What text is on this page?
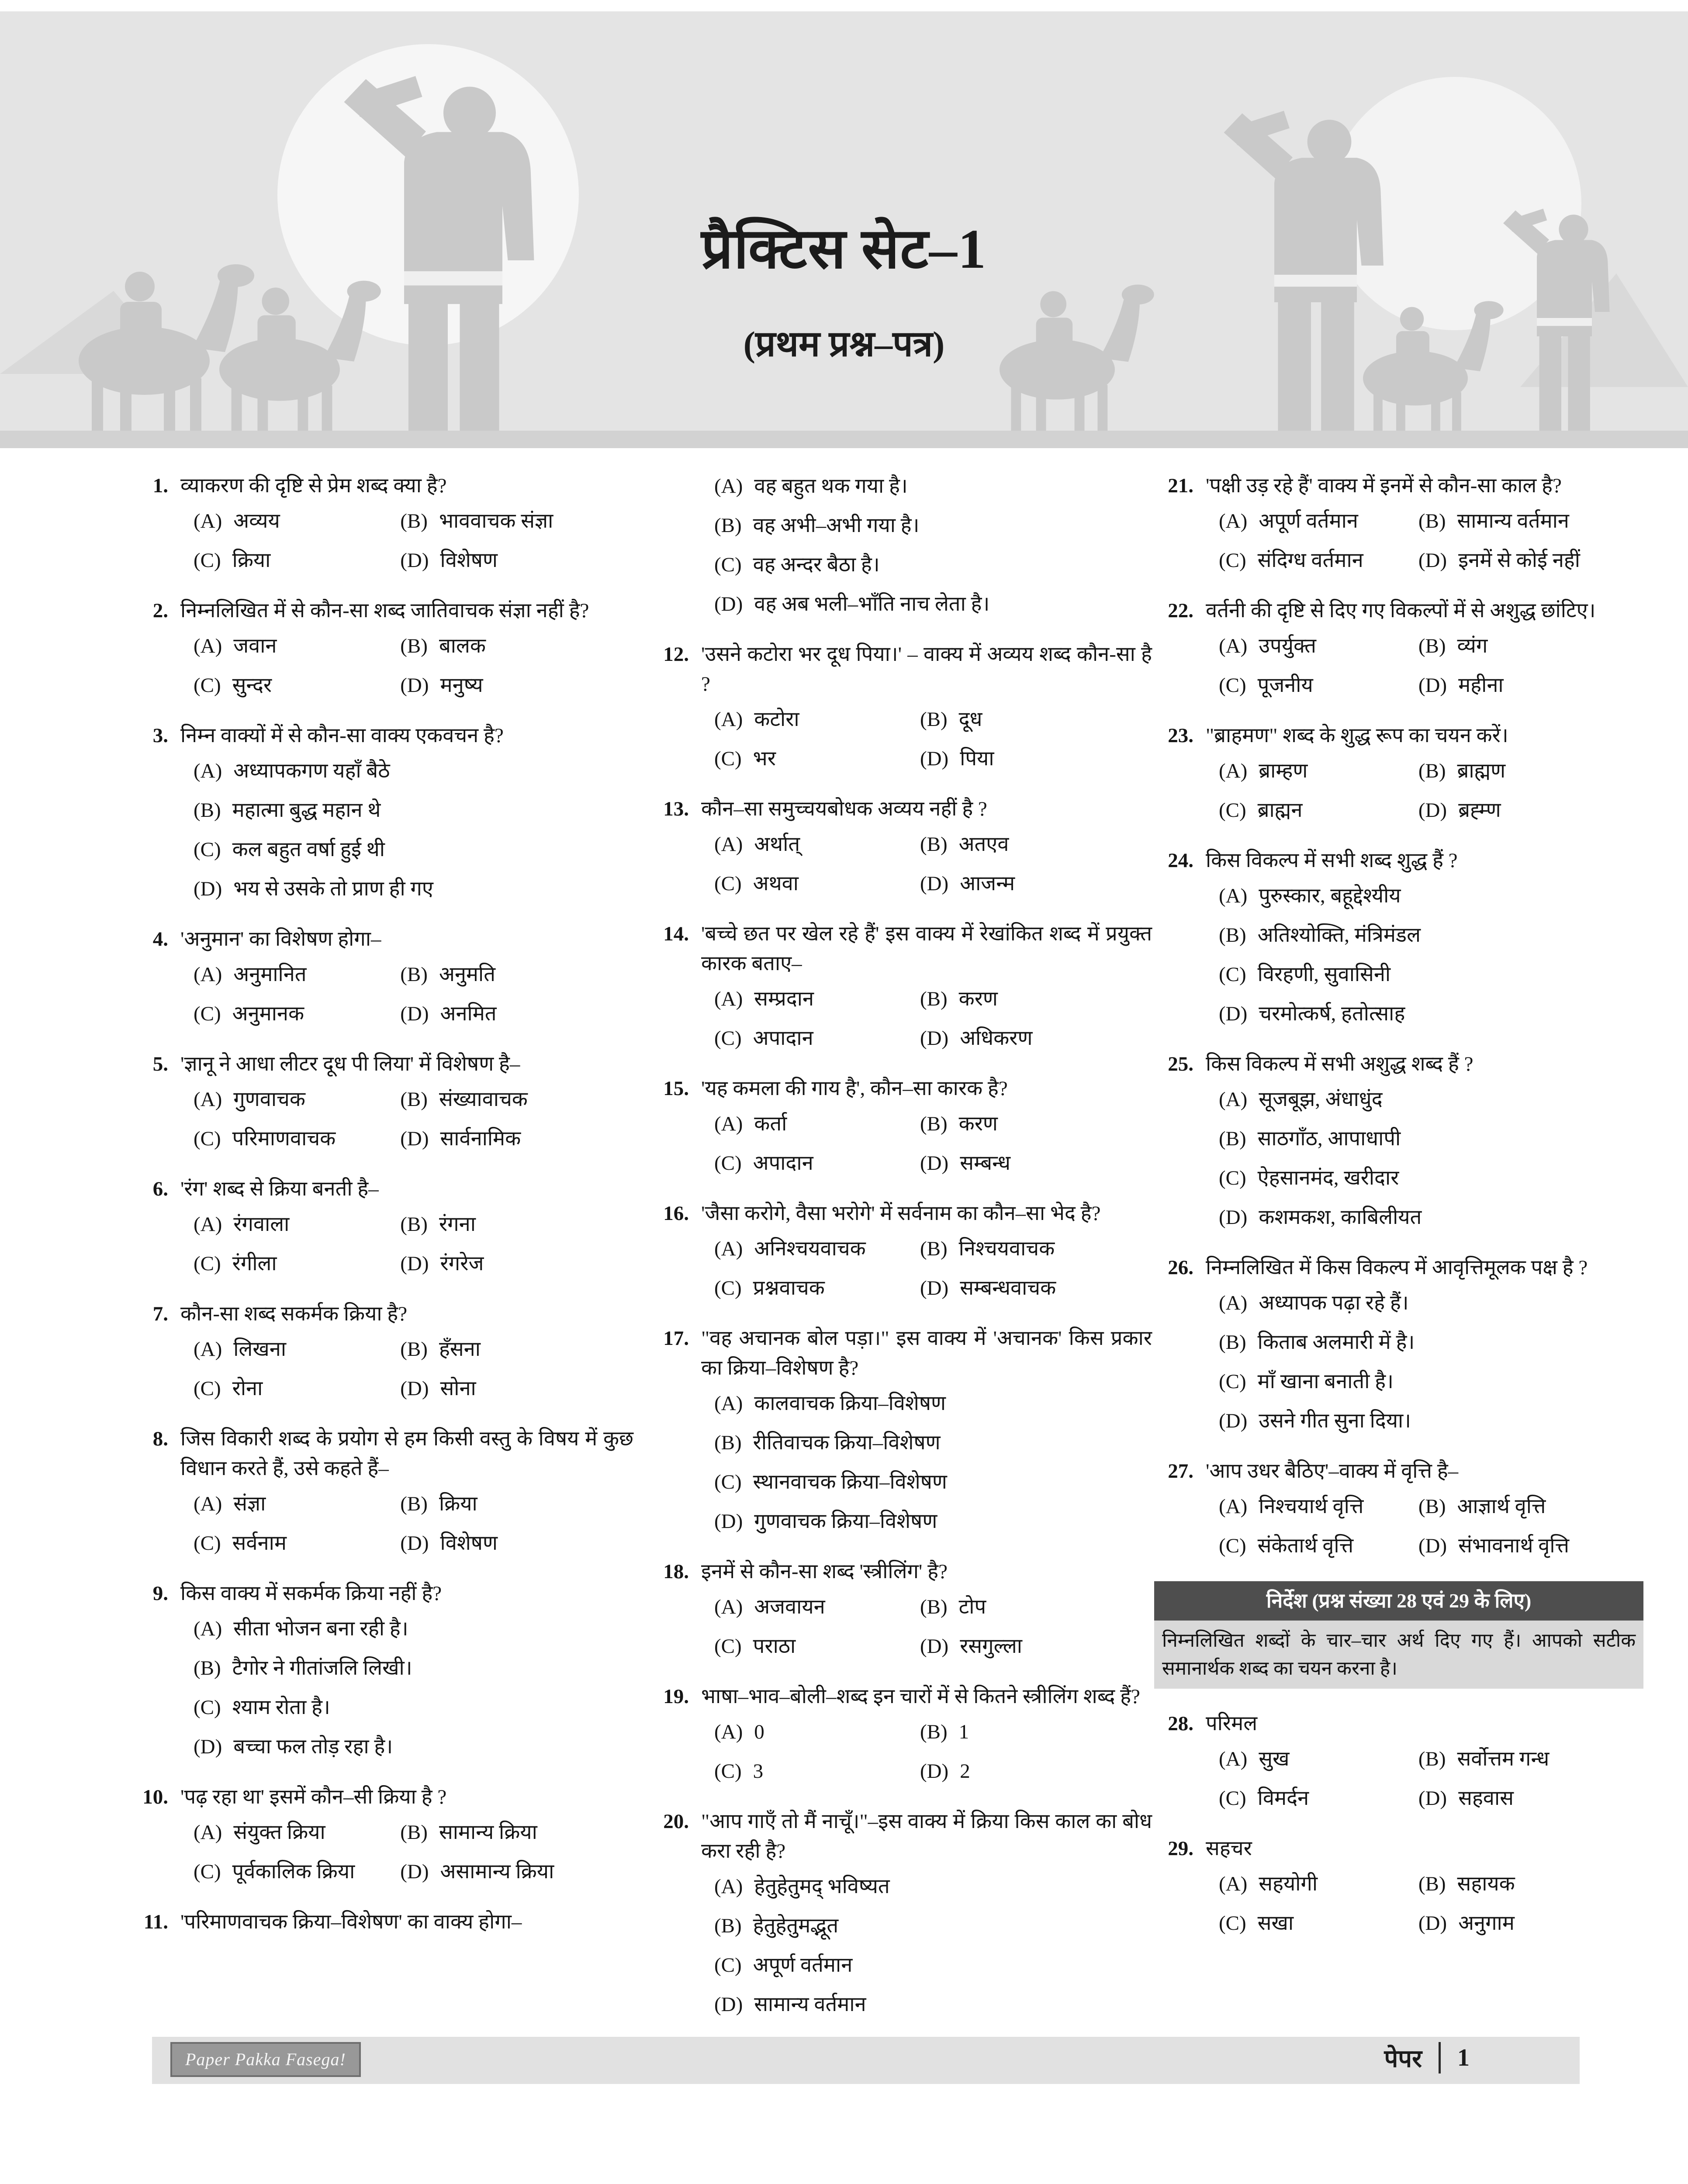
प्रैक्टिस सेट–1
(प्रथम प्रश्न–पत्र)
1. व्याकरण की दृष्टि से प्रेम शब्द क्या है?
(A) अव्यय	(B) भाववाचक संज्ञा
(C) क्रिया	(D) विशेषण
2. निम्नलिखित में से कौन-सा शब्द जातिवाचक संज्ञा नहीं है?
(A) जवान	(B) बालक
(C) सुन्दर	(D) मनुष्य
3. निम्न वाक्यों में से कौन-सा वाक्य एकवचन है?
(A) अध्यापकगण यहाँ बैठे
(B) महात्मा बुद्ध महान थे
(C) कल बहुत वर्षा हुई थी
(D) भय से उसके तो प्राण ही गए
4. 'अनुमान' का विशेषण होगा–
(A) अनुमानित	(B) अनुमति
(C) अनुमानक	(D) अनमित
5. 'ज्ञानू ने आधा लीटर दूध पी लिया' में विशेषण है–
(A) गुणवाचक	(B) संख्यावाचक
(C) परिमाणवाचक	(D) सार्वनामिक
6. 'रंग' शब्द से क्रिया बनती है–
(A) रंगवाला	(B) रंगना
(C) रंगीला	(D) रंगरेज
7. कौन-सा शब्द सकर्मक क्रिया है?
(A) लिखना	(B) हँसना
(C) रोना	(D) सोना
8. जिस विकारी शब्द के प्रयोग से हम किसी वस्तु के विषय में कुछ विधान करते हैं, उसे कहते हैं–
(A) संज्ञा	(B) क्रिया
(C) सर्वनाम	(D) विशेषण
9. किस वाक्य में सकर्मक क्रिया नहीं है?
(A) सीता भोजन बना रही है।
(B) टैगोर ने गीतांजलि लिखी।
(C) श्याम रोता है।
(D) बच्चा फल तोड़ रहा है।
10. 'पढ़ रहा था' इसमें कौन–सी क्रिया है ?
(A) संयुक्त क्रिया	(B) सामान्य क्रिया
(C) पूर्वकालिक क्रिया	(D) असामान्य क्रिया
11. 'परिमाणवाचक क्रिया–विशेषण' का वाक्य होगा–
(A) वह बहुत थक गया है।
(B) वह अभी–अभी गया है।
(C) वह अन्दर बैठा है।
(D) वह अब भली–भाँति नाच लेता है।
12. 'उसने कटोरा भर दूध पिया।' – वाक्य में अव्यय शब्द कौन-सा है ?
(A) कटोरा	(B) दूध
(C) भर	(D) पिया
13. कौन–सा समुच्चयबोधक अव्यय नहीं है ?
(A) अर्थात्	(B) अतएव
(C) अथवा	(D) आजन्म
14. 'बच्चे छत पर खेल रहे हैं' इस वाक्य में रेखांकित शब्द में प्रयुक्त कारक बताए–
(A) सम्प्रदान	(B) करण
(C) अपादान	(D) अधिकरण
15. 'यह कमला की गाय है', कौन–सा कारक है?
(A) कर्ता	(B) करण
(C) अपादान	(D) सम्बन्ध
16. 'जैसा करोगे, वैसा भरोगे' में सर्वनाम का कौन–सा भेद है?
(A) अनिश्चयवाचक	(B) निश्चयवाचक
(C) प्रश्नवाचक	(D) सम्बन्धवाचक
17. "वह अचानक बोल पड़ा।" इस वाक्य में 'अचानक' किस प्रकार का क्रिया–विशेषण है?
(A) कालवाचक क्रिया–विशेषण
(B) रीतिवाचक क्रिया–विशेषण
(C) स्थानवाचक क्रिया–विशेषण
(D) गुणवाचक क्रिया–विशेषण
18. इनमें से कौन-सा शब्द 'स्त्रीलिंग' है?
(A) अजवायन	(B) टोप
(C) पराठा	(D) रसगुल्ला
19. भाषा–भाव–बोली–शब्द इन चारों में से कितने स्त्रीलिंग शब्द हैं?
(A) 0	(B) 1
(C) 3	(D) 2
20. "आप गाएँ तो मैं नाचूँ।"–इस वाक्य में क्रिया किस काल का बोध करा रही है?
(A) हेतुहेतुमद् भविष्यत
(B) हेतुहेतुमद्भूत
(C) अपूर्ण वर्तमान
(D) सामान्य वर्तमान
21. 'पक्षी उड़ रहे हैं' वाक्य में इनमें से कौन-सा काल है?
(A) अपूर्ण वर्तमान	(B) सामान्य वर्तमान
(C) संदिग्ध वर्तमान	(D) इनमें से कोई नहीं
22. वर्तनी की दृष्टि से दिए गए विकल्पों में से अशुद्ध छांटिए।
(A) उपर्युक्त	(B) व्यंग
(C) पूजनीय	(D) महीना
23. "ब्राहमण" शब्द के शुद्ध रूप का चयन करें।
(A) ब्राम्हण	(B) ब्राह्मण
(C) ब्राह्मन	(D) ब्रह्म्ण
24. किस विकल्प में सभी शब्द शुद्ध हैं ?
(A) पुरुस्कार, बहूद्देश्यीय
(B) अतिश्योक्ति, मंत्रिमंडल
(C) विरहणी, सुवासिनी
(D) चरमोत्कर्ष, हतोत्साह
25. किस विकल्प में सभी अशुद्ध शब्द हैं ?
(A) सूजबूझ, अंधाधुंद
(B) साठगाँठ, आपाधापी
(C) ऐहसानमंद, खरीदार
(D) कशमकश, काबिलीयत
26. निम्नलिखित में किस विकल्प में आवृत्तिमूलक पक्ष है ?
(A) अध्यापक पढ़ा रहे हैं।
(B) किताब अलमारी में है।
(C) माँ खाना बनाती है।
(D) उसने गीत सुना दिया।
27. 'आप उधर बैठिए'–वाक्य में वृत्ति है–
(A) निश्चयार्थ वृत्ति	(B) आज्ञार्थ वृत्ति
(C) संकेतार्थ वृत्ति	(D) संभावनार्थ वृत्ति
निर्देश (प्रश्न संख्या 28 एवं 29 के लिए)
निम्नलिखित शब्दों के चार–चार अर्थ दिए गए हैं। आपको सटीक समानार्थक शब्द का चयन करना है।
28. परिमल
(A) सुख	(B) सर्वोत्तम गन्ध
(C) विमर्दन	(D) सहवास
29. सहचर
(A) सहयोगी	(B) सहायक
(C) सखा	(D) अनुगाम
Paper Pakka Fasega!	पेपर 1
